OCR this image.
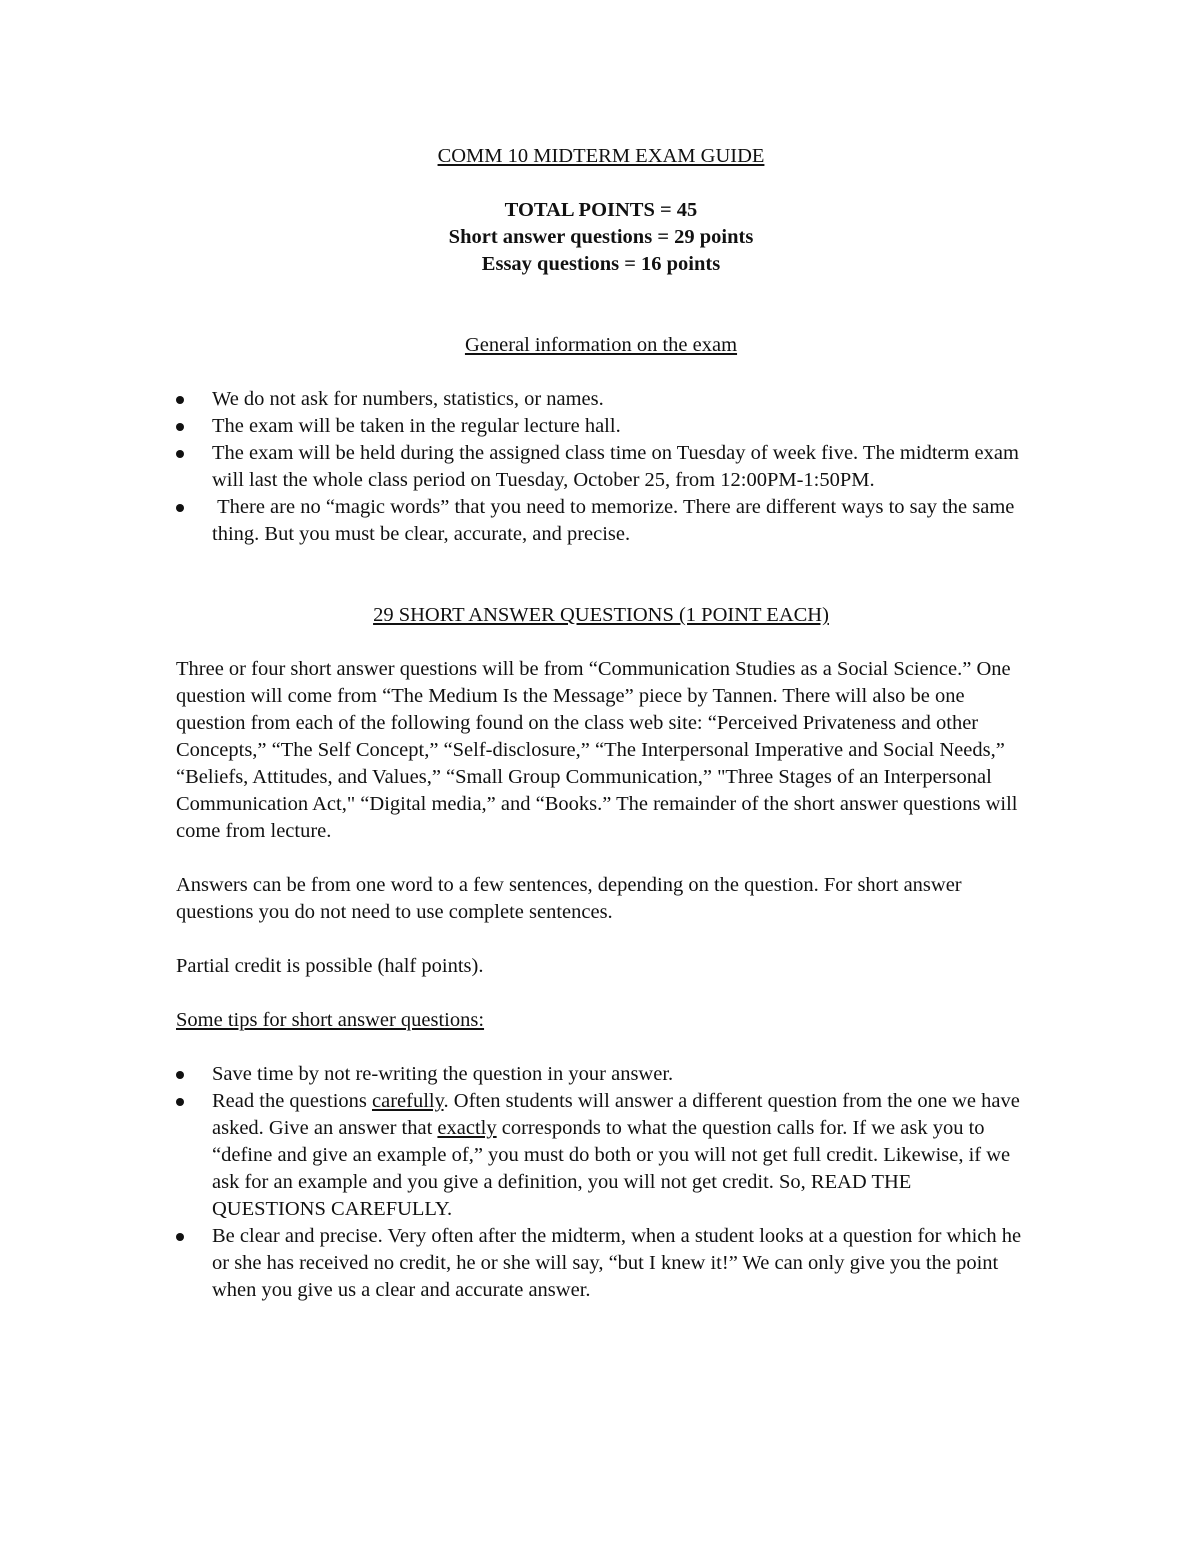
COMM 10 MIDTERM EXAM GUIDE
TOTAL POINTS = 45
Short answer questions = 29 points
Essay questions = 16 points
General information on the exam
We do not ask for numbers, statistics, or names.
The exam will be taken in the regular lecture hall.
The exam will be held during the assigned class time on Tuesday of week five. The midterm exam will last the whole class period on Tuesday, October 25, from 12:00PM-1:50PM.
There are no “magic words” that you need to memorize. There are different ways to say the same thing. But you must be clear, accurate, and precise.
29 SHORT ANSWER QUESTIONS (1 POINT EACH)

Three or four short answer questions will be from “Communication Studies as a Social Science.” One question will come from “The Medium Is the Message” piece by Tannen. There will also be one question from each of the following found on the class web site: “Perceived Privateness and other Concepts,” “The Self Concept,” “Self-disclosure,” “The Interpersonal Imperative and Social Needs,” “Beliefs, Attitudes, and Values,” “Small Group Communication,” "Three Stages of an Interpersonal Communication Act," “Digital media,” and “Books.” The remainder of the short answer questions will come from lecture.

Answers can be from one word to a few sentences, depending on the question. For short answer questions you do not need to use complete sentences.

Partial credit is possible (half points).

Some tips for short answer questions:

Save time by not re-writing the question in your answer.
Read the questions carefully. Often students will answer a different question from the one we have asked. Give an answer that exactly corresponds to what the question calls for. If we ask you to “define and give an example of,” you must do both or you will not get full credit. Likewise, if we ask for an example and you give a definition, you will not get credit. So, READ THE QUESTIONS CAREFULLY.
Be clear and precise. Very often after the midterm, when a student looks at a question for which he or she has received no credit, he or she will say, “but I knew it!” We can only give you the point when you give us a clear and accurate answer.
